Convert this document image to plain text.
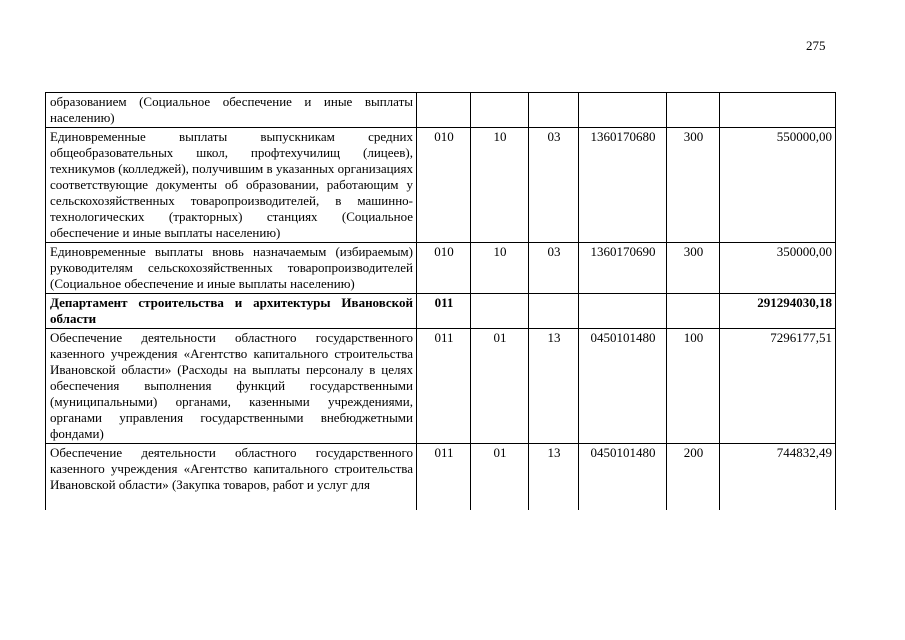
275
образованием (Социальное обеспечение и иные выплаты населению)						
Единовременные выплаты выпускникам средних общеобразовательных школ, профтехучилищ (лицеев), техникумов (колледжей), получившим в указанных организациях соответствующие документы об образовании, работающим у сельскохозяйственных товаропроизводителей, в машинно-технологических (тракторных) станциях (Социальное обеспечение и иные выплаты населению)	010	10	03	1360170680	300	550000,00
Единовременные выплаты вновь назначаемым (избираемым) руководителям сельскохозяйственных товаропроизводителей (Социальное обеспечение и иные выплаты населению)	010	10	03	1360170690	300	350000,00
Департамент строительства и архитектуры Ивановской области	011					291294030,18
Обеспечение деятельности областного государственного казенного учреждения «Агентство капитального строительства Ивановской области» (Расходы на выплаты персоналу в целях обеспечения выполнения функций государственными (муниципальными) органами, казенными учреждениями, органами управления государственными внебюджетными фондами)	011	01	13	0450101480	100	7296177,51

Обеспечение деятельности областного государственного казенного учреждения «Агентство капитального строительства Ивановской области» (Закупка товаров, работ и услуг для	011	01	13	0450101480	200	744832,49
